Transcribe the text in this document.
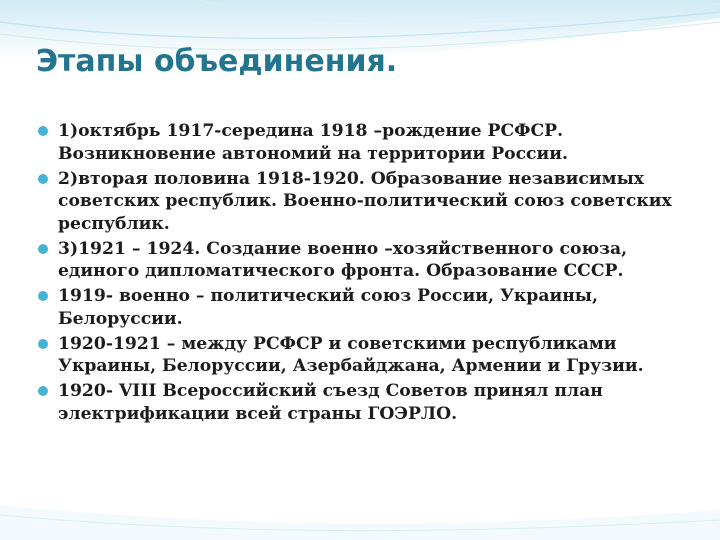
Этапы объединения.
1)октябрь 1917-середина 1918 –рождение РСФСР. Возникновение автономий на территории России.
2)вторая половина 1918-1920. Образование независимых советских республик. Военно-политический союз советских республик.
3)1921 – 1924. Создание военно –хозяйственного союза, единого дипломатического фронта. Образование СССР.
1919- военно – политический союз России, Украины, Белоруссии.
1920-1921 – между РСФСР и советскими республиками Украины, Белоруссии, Азербайджана, Армении и Грузии.
1920- VIII Всероссийский съезд Советов принял план электрификации всей страны ГОЭРЛО.
